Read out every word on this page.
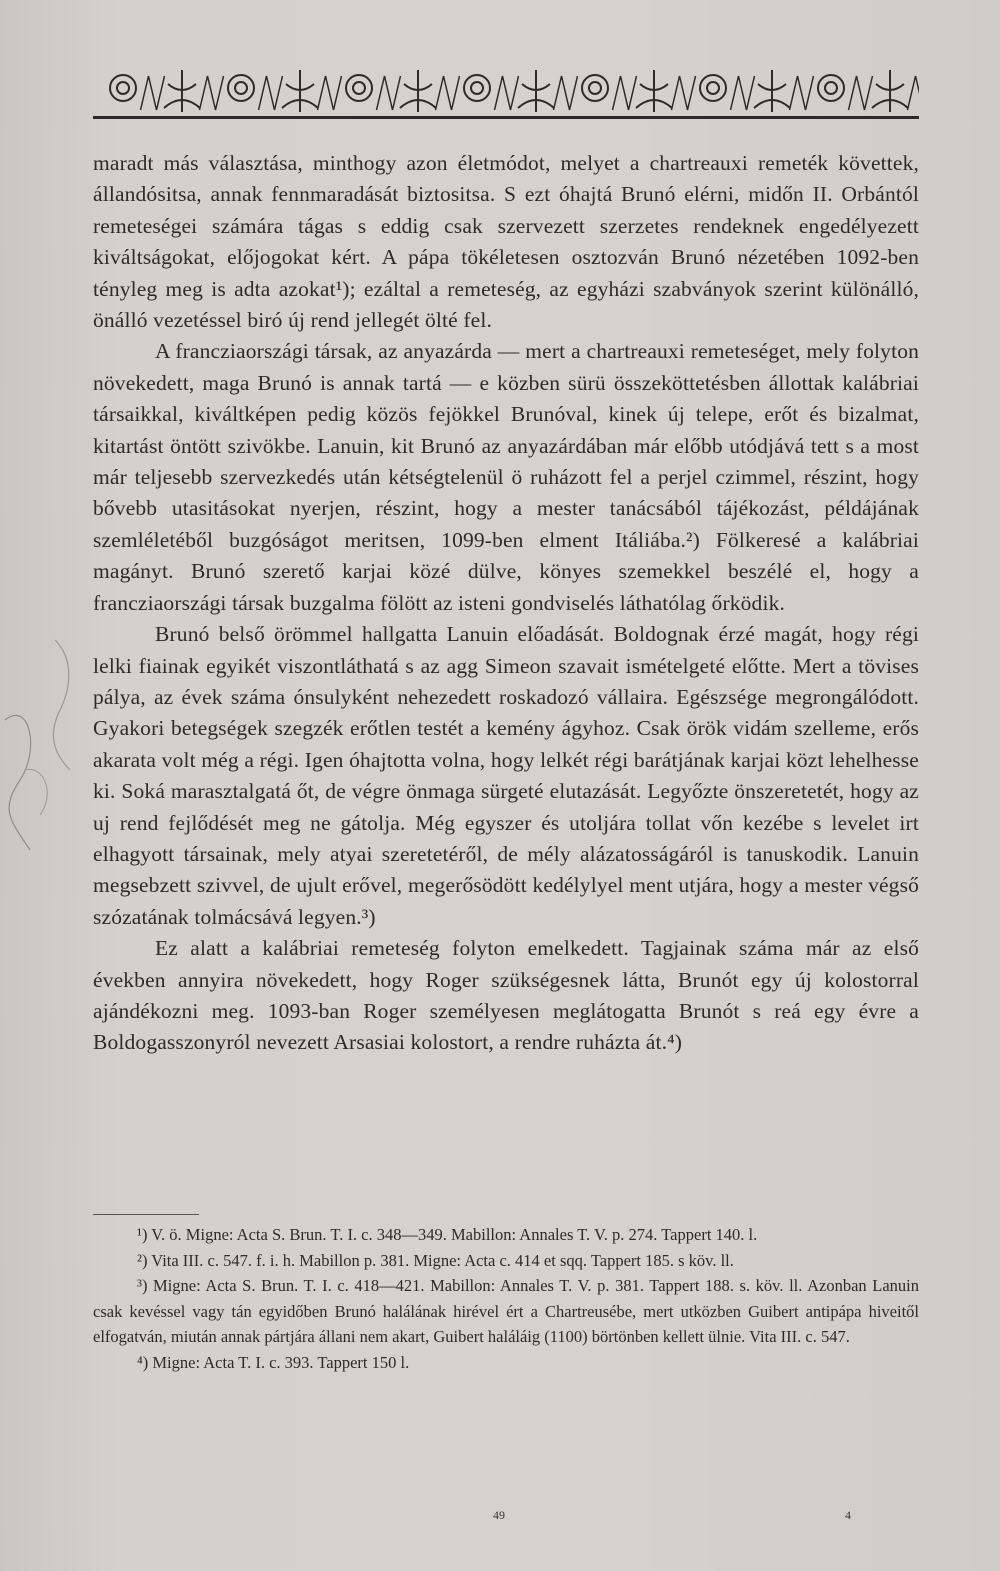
maradt más választása, minthogy azon életmódot, melyet a chartreauxi remeték követtek, állandósitsa, annak fennmaradását biztositsa. S ezt óhajtá Brunó elérni, midőn II. Orbántól remeteségei számára tágas s eddig csak szervezett szerzetes rendeknek engedélyezett kiváltságokat, előjogokat kért. A pápa tökéletesen osztozván Brunó nézetében 1092-ben tényleg meg is adta azokat¹); ezáltal a remeteség, az egyházi szabványok szerint különálló, önálló vezetéssel biró új rend jellegét ölté fel.

A francziaországi társak, az anyazárda — mert a chartreauxi remeteséget, mely folyton növekedett, maga Brunó is annak tartá — e közben sürü összeköttetésben állottak kalábriai társaikkal, kiváltképen pedig közös fejökkel Brunóval, kinek új telepe, erőt és bizalmat, kitartást öntött szivökbe. Lanuin, kit Brunó az anyazárdában már előbb utódjává tett s a most már teljesebb szervezkedés után kétségtelenül ö ruházott fel a perjel czimmel, részint, hogy bővebb utasitásokat nyerjen, részint, hogy a mester tanácsából tájékozást, példájának szemléletéből buzgóságot meritsen, 1099-ben elment Itáliába.²) Fölkeresé a kalábriai magányt. Brunó szerető karjai közé dülve, könyes szemekkel beszélé el, hogy a francziaországi társak buzgalma fölött az isteni gondviselés láthatólag őrködik.

Brunó belső örömmel hallgatta Lanuin előadását. Boldognak érzé magát, hogy régi lelki fiainak egyikét viszontláthatá s az agg Simeon szavait ismételgeté előtte. Mert a tövises pálya, az évek száma ónsulyként nehezedett roskadozó vállaira. Egészsége megrongálódott. Gyakori betegségek szegzék erőtlen testét a kemény ágyhoz. Csak örök vidám szelleme, erős akarata volt még a régi. Igen óhajtotta volna, hogy lelkét régi barátjának karjai közt lehelhesse ki. Soká marasztalgatá őt, de végre önmaga sürgeté elutazását. Legyőzte önszeretetét, hogy az uj rend fejlődését meg ne gátolja. Még egyszer és utoljára tollat vőn kezébe s levelet irt elhagyott társainak, mely atyai szeretetéről, de mély alázatosságáról is tanuskodik. Lanuin megsebzett szivvel, de ujult erővel, megerősödött kedélylyel ment utjára, hogy a mester végső szózatának tolmácsává legyen.³)

Ez alatt a kalábriai remeteség folyton emelkedett. Tagjainak száma már az első években annyira növekedett, hogy Roger szükségesnek látta, Brunót egy új kolostorral ajándékozni meg. 1093-ban Roger személyesen meglátogatta Brunót s reá egy évre a Boldogasszonyról nevezett Arsasiai kolostort, a rendre ruházta át.⁴)

¹) V. ö. Migne: Acta S. Brun. T. I. c. 348—349. Mabillon: Annales T. V. p. 274. Tappert 140. l.

²) Vita III. c. 547. f. i. h. Mabillon p. 381. Migne: Acta c. 414 et sqq. Tappert 185. s köv. ll.

³) Migne: Acta S. Brun. T. I. c. 418—421. Mabillon: Annales T. V. p. 381. Tappert 188. s. köv. ll. Azonban Lanuin csak kevéssel vagy tán egyidőben Brunó halálának hirével ért a Chartreusébe, mert utközben Guibert antipápa hiveitől elfogatván, miután annak pártjára állani nem akart, Guibert haláláig (1100) börtönben kellett ülnie. Vita III. c. 547.

⁴) Migne: Acta T. I. c. 393. Tappert 150 l.

49	4
